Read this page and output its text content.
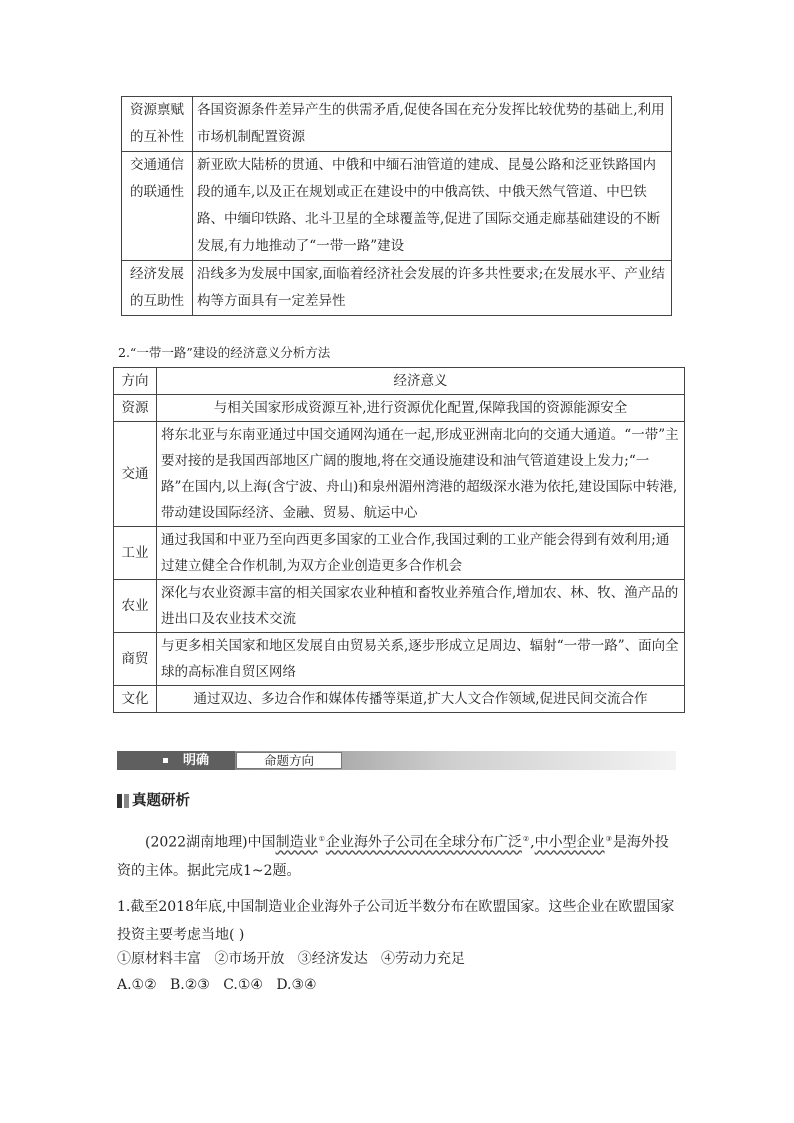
资源禀赋的互补性	各国资源条件差异产生的供需矛盾,促使各国在充分发挥比较优势的基础上,利用市场机制配置资源
交通通信的联通性	新亚欧大陆桥的贯通、中俄和中缅石油管道的建成、昆曼公路和泛亚铁路国内段的通车,以及正在规划或正在建设中的中俄高铁、中俄天然气管道、中巴铁路、中缅印铁路、北斗卫星的全球覆盖等,促进了国际交通走廊基础建设的不断发展,有力地推动了“一带一路”建设
经济发展的互助性	沿线多为发展中国家,面临着经济社会发展的许多共性要求;在发展水平、产业结构等方面具有一定差异性
2.“一带一路”建设的经济意义分析方法
方向	经济意义
资源	与相关国家形成资源互补,进行资源优化配置,保障我国的资源能源安全
交通	将东北亚与东南亚通过中国交通网沟通在一起,形成亚洲南北向的交通大通道。“一带”主要对接的是我国西部地区广阔的腹地,将在交通设施建设和油气管道建设上发力;“一路”在国内,以上海(含宁波、舟山)和泉州湄州湾港的超级深水港为依托,建设国际中转港,带动建设国际经济、金融、贸易、航运中心
工业	通过我国和中亚乃至向西更多国家的工业合作,我国过剩的工业产能会得到有效利用;通过建立健全合作机制,为双方企业创造更多合作机会
农业	深化与农业资源丰富的相关国家农业种植和畜牧业养殖合作,增加农、林、牧、渔产品的进出口及农业技术交流
商贸	与更多相关国家和地区发展自由贸易关系,逐步形成立足周边、辐射“一带一路”、面向全球的高标准自贸区网络
文化	通过双边、多边合作和媒体传播等渠道,扩大人文合作领域,促进民间交流合作
明确	命题方向
真题研析
(2022湖南地理)中国制造业①企业海外子公司在全球分布广泛②,中小型企业③是海外投资的主体。据此完成1~2题。
1.截至2018年底,中国制造业企业海外子公司近半数分布在欧盟国家。这些企业在欧盟国家投资主要考虑当地( )
①原材料丰富   ②市场开放   ③经济发达   ④劳动力充足
A.①②   B.②③   C.①④   D.③④
